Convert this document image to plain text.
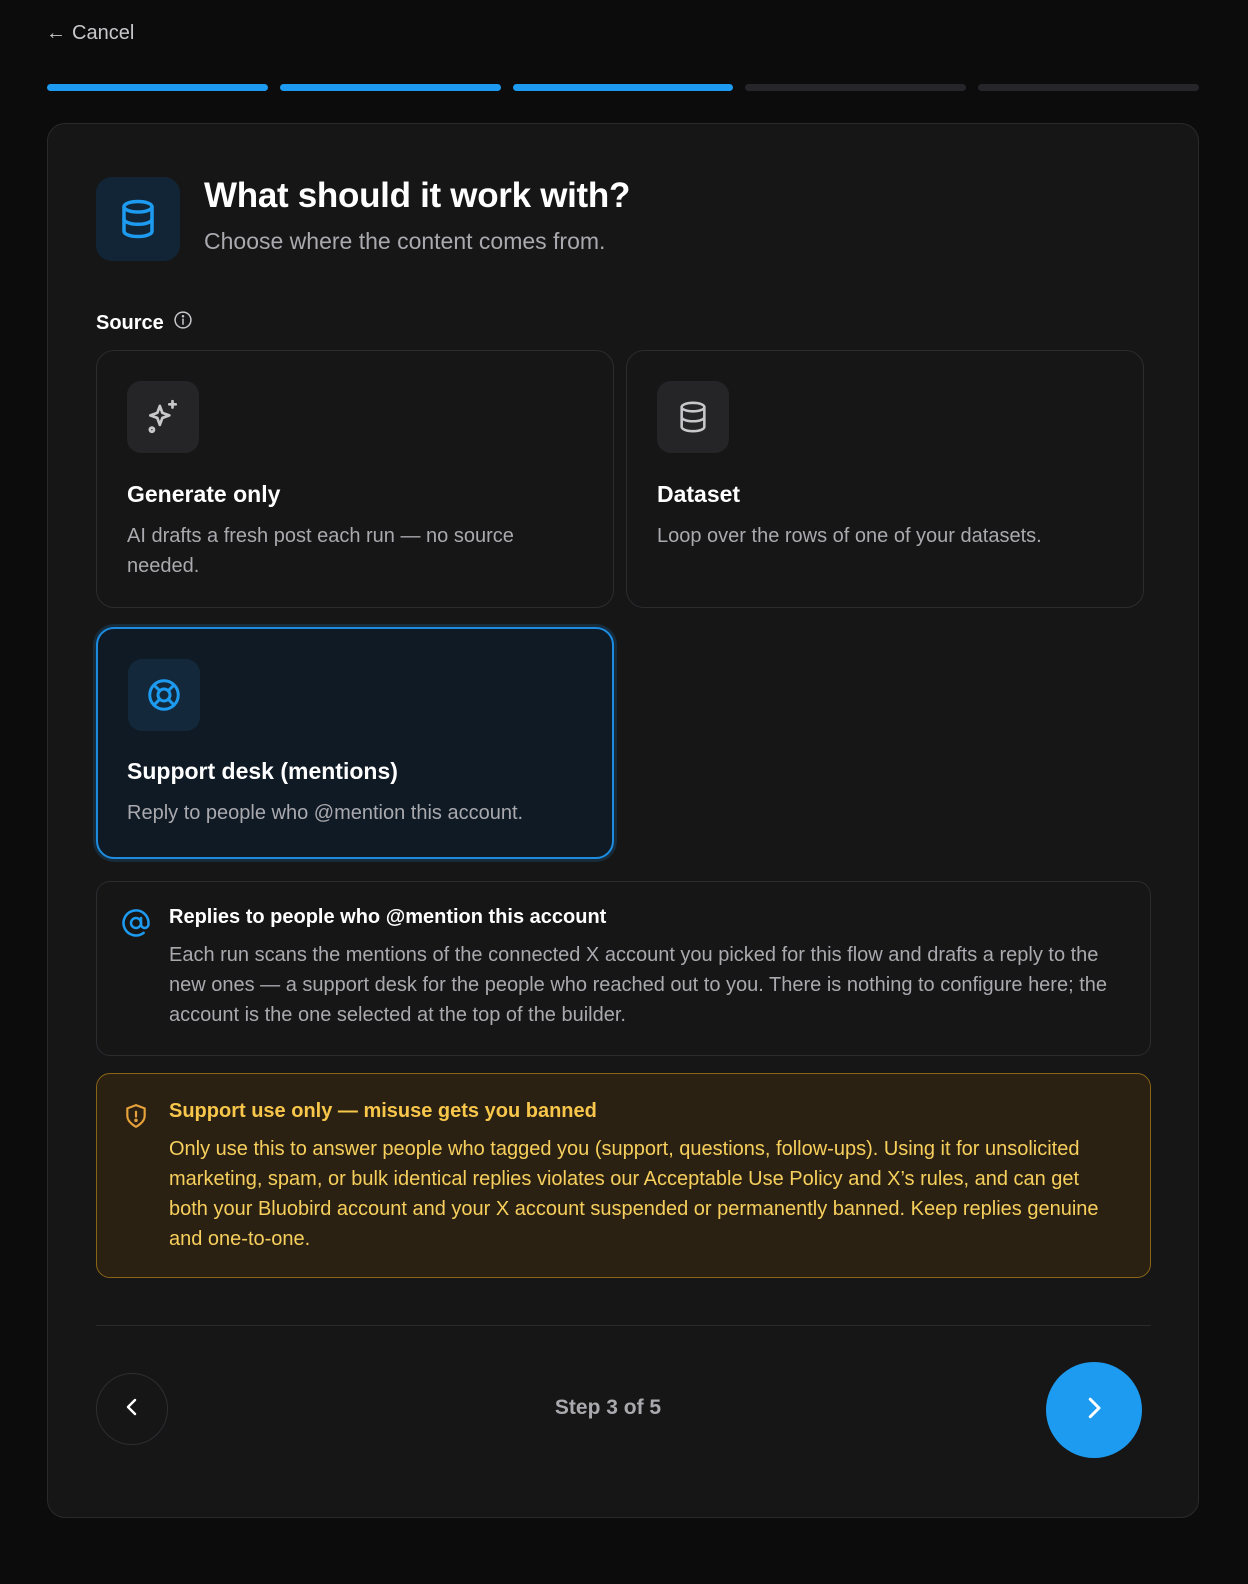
← Cancel
What should it work with?
Choose where the content comes from.
Source
Generate only
AI drafts a fresh post each run — no source needed.
Dataset
Loop over the rows of one of your datasets.
Support desk (mentions)
Reply to people who @mention this account.
Replies to people who @mention this account
Each run scans the mentions of the connected X account you picked for this flow and drafts a reply to the new ones — a support desk for the people who reached out to you. There is nothing to configure here; the account is the one selected at the top of the builder.
Support use only — misuse gets you banned
Only use this to answer people who tagged you (support, questions, follow-ups). Using it for unsolicited marketing, spam, or bulk identical replies violates our Acceptable Use Policy and X’s rules, and can get both your Bluobird account and your X account suspended or permanently banned. Keep replies genuine and one-to-one.
Step 3 of 5
